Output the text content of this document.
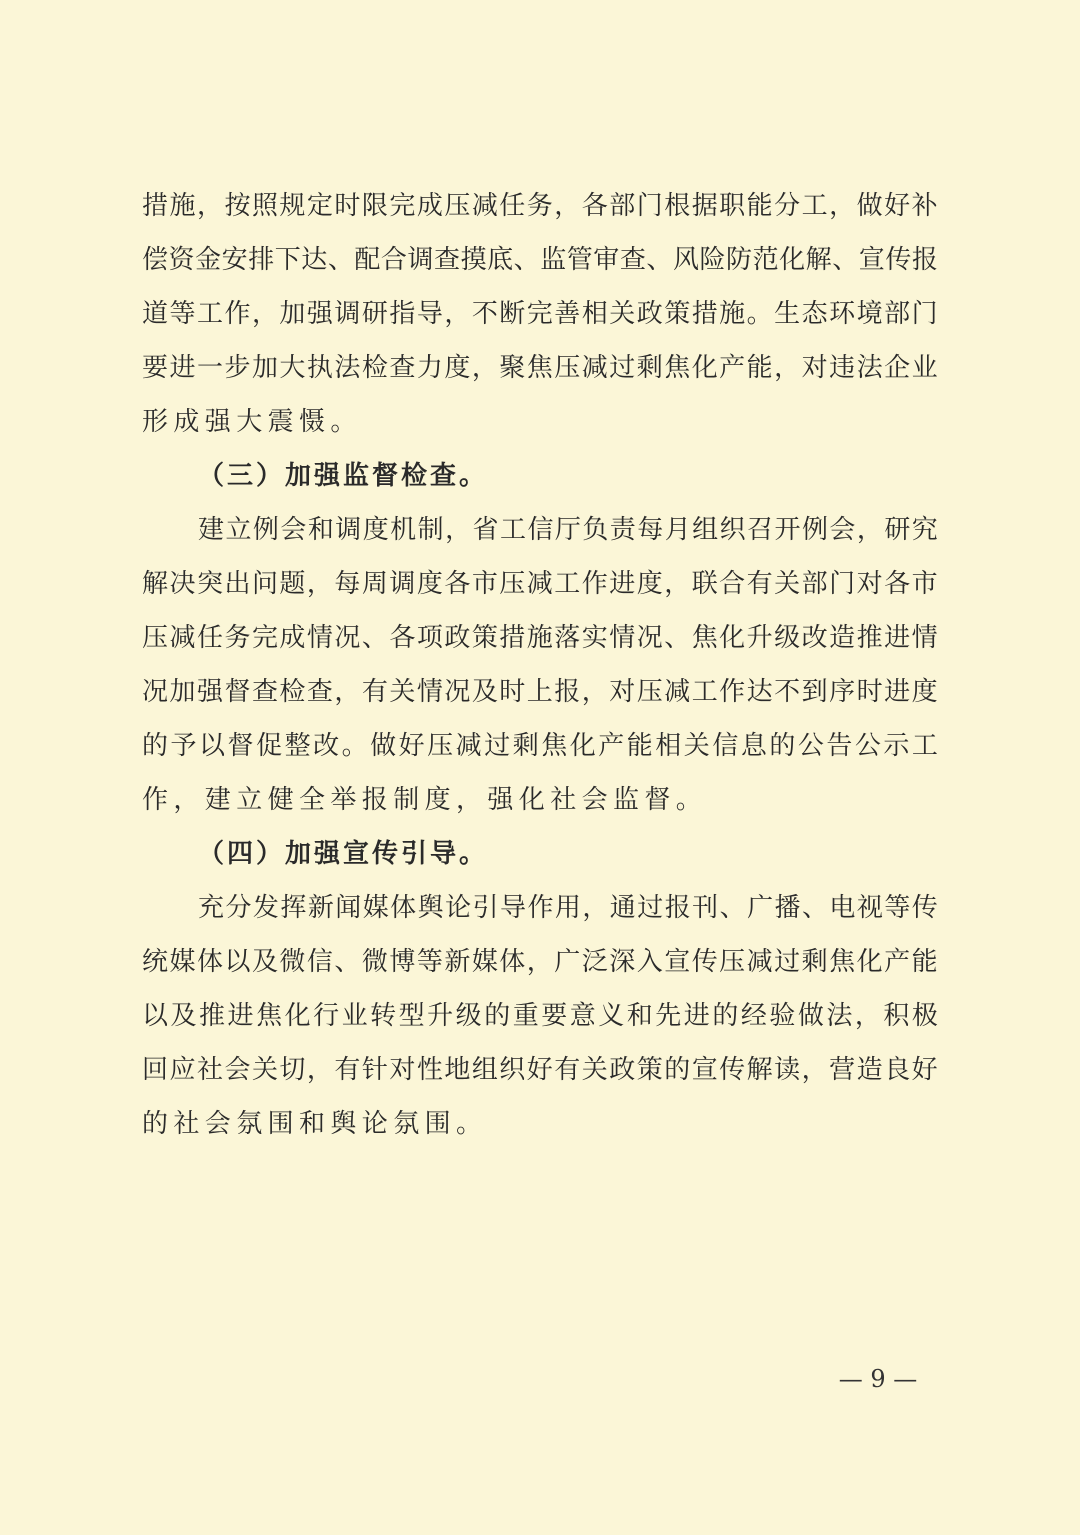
措 施 ， 按 照 规 定 时 限 完 成 压 减 任 务 ， 各 部 门 根 据 职 能 分 工 ， 做 好 补
偿 资 金 安 排 下 达 、 配 合 调 查 摸 底 、 监 管 审 查 、 风 险 防 范 化 解 、 宣 传 报
道 等 工 作 ， 加 强 调 研 指 导 ， 不 断 完 善 相 关 政 策 措 施 。 生 态 环 境 部 门
要 进 一 步 加 大 执 法 检 查 力 度 ， 聚 焦 压 减 过 剩 焦 化 产 能 ， 对 违 法 企 业
形成强大震慑。
（三）加强监督检查。
建 立 例 会 和 调 度 机 制 ， 省 工 信 厅 负 责 每 月 组 织 召 开 例 会 ， 研 究
解 决 突 出 问 题 ， 每 周 调 度 各 市 压 减 工 作 进 度 ， 联 合 有 关 部 门 对 各 市
压 减 任 务 完 成 情 况 、 各 项 政 策 措 施 落 实 情 况 、 焦 化 升 级 改 造 推 进 情
况 加 强 督 查 检 查 ， 有 关 情 况 及 时 上 报 ， 对 压 减 工 作 达 不 到 序 时 进 度
的 予 以 督 促 整 改 。 做 好 压 减 过 剩 焦 化 产 能 相 关 信 息 的 公 告 公 示 工
作，建立健全举报制度，强化社会监督。
（四）加强宣传引导。
充 分 发 挥 新 闻 媒 体 舆 论 引 导 作 用 ， 通 过 报 刊 、 广 播 、 电 视 等 传
统 媒 体 以 及 微 信 、 微 博 等 新 媒 体 ， 广 泛 深 入 宣 传 压 减 过 剩 焦 化 产 能
以 及 推 进 焦 化 行 业 转 型 升 级 的 重 要 意 义 和 先 进 的 经 验 做 法 ， 积 极
回 应 社 会 关 切 ， 有 针 对 性 地 组 织 好 有 关 政 策 的 宣 传 解 读 ， 营 造 良 好
的社会氛围和舆论氛围。
— 9 —
